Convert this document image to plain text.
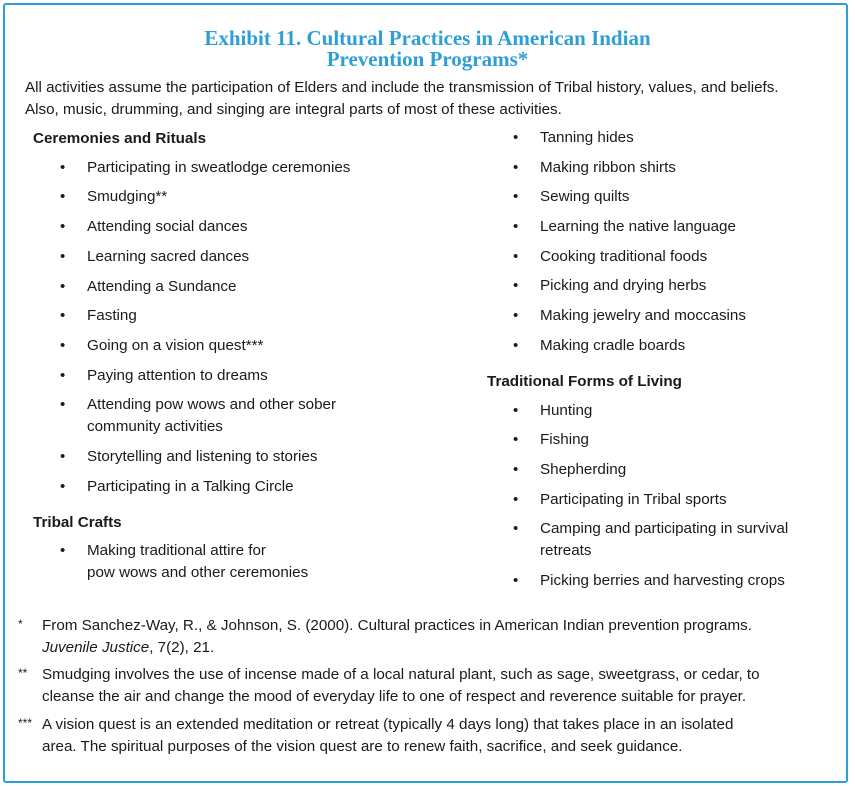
Exhibit 11. Cultural Practices in American Indian
Prevention Programs*
All activities assume the participation of Elders and include the transmission of Tribal history, values, and beliefs.
Also, music, drumming, and singing are integral parts of most of these activities.
Ceremonies and Rituals
• Participating in sweatlodge ceremonies
• Smudging**
• Attending social dances
• Learning sacred dances
• Attending a Sundance
• Fasting
• Going on a vision quest***
• Paying attention to dreams
• Attending pow wows and other sober
community activities
• Storytelling and listening to stories
• Participating in a Talking Circle
Tribal Crafts
• Making traditional attire for
pow wows and other ceremonies
• Tanning hides
• Making ribbon shirts
• Sewing quilts
• Learning the native language
• Cooking traditional foods
• Picking and drying herbs
• Making jewelry and moccasins
• Making cradle boards
Traditional Forms of Living
• Hunting
• Fishing
• Shepherding
• Participating in Tribal sports
• Camping and participating in survival
retreats
• Picking berries and harvesting crops
* From Sanchez-Way, R., & Johnson, S. (2000). Cultural practices in American Indian prevention programs.
Juvenile Justice, 7(2), 21.
** Smudging involves the use of incense made of a local natural plant, such as sage, sweetgrass, or cedar, to
cleanse the air and change the mood of everyday life to one of respect and reverence suitable for prayer.
*** A vision quest is an extended meditation or retreat (typically 4 days long) that takes place in an isolated
area. The spiritual purposes of the vision quest are to renew faith, sacrifice, and seek guidance.
